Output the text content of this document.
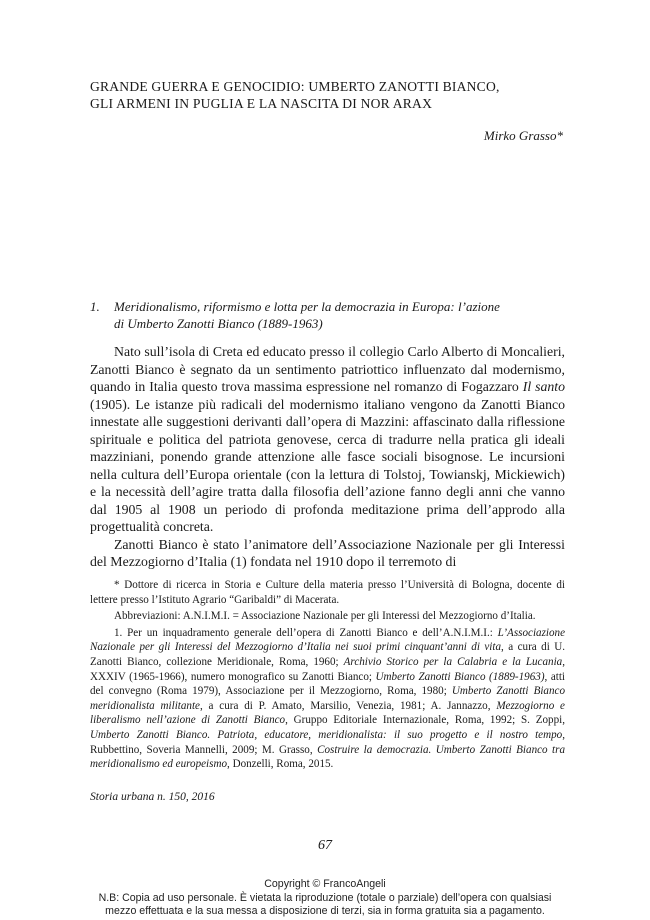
GRANDE GUERRA E GENOCIDIO: UMBERTO ZANOTTI BIANCO,
GLI ARMENI IN PUGLIA E LA NASCITA DI NOR ARAX
Mirko Grasso*
1.	Meridionalismo, riformismo e lotta per la democrazia in Europa: l’azione
di Umberto Zanotti Bianco (1889-1963)

Nato sull’isola di Creta ed educato presso il collegio Carlo Alberto di Moncalieri, Zanotti Bianco è segnato da un sentimento patriottico influenzato dal modernismo, quando in Italia questo trova massima espressione nel romanzo di Fogazzaro Il santo (1905). Le istanze più radicali del modernismo italiano vengono da Zanotti Bianco innestate alle suggestioni derivanti dall’opera di Mazzini: affascinato dalla riflessione spirituale e politica del patriota genovese, cerca di tradurre nella pratica gli ideali mazziniani, ponendo grande attenzione alle fasce sociali bisognose. Le incursioni nella cultura dell’Europa orientale (con la lettura di Tolstoj, Towianskj, Mickiewich) e la necessità dell’agire tratta dalla filosofia dell’azione fanno degli anni che vanno dal 1905 al 1908 un periodo di profonda meditazione prima dell’approdo alla progettualità concreta.

Zanotti Bianco è stato l’animatore dell’Associazione Nazionale per gli Interessi del Mezzogiorno d’Italia (1) fondata nel 1910 dopo il terremoto di

* Dottore di ricerca in Storia e Culture della materia presso l’Università di Bologna, docente di lettere presso l’Istituto Agrario “Garibaldi” di Macerata.

Abbreviazioni: A.N.I.M.I. = Associazione Nazionale per gli Interessi del Mezzogiorno d’Italia.

1. Per un inquadramento generale dell’opera di Zanotti Bianco e dell’A.N.I.M.I.: L’Associazione Nazionale per gli Interessi del Mezzogiorno d’Italia nei suoi primi cinquant’anni di vita, a cura di U. Zanotti Bianco, collezione Meridionale, Roma, 1960; Archivio Storico per la Calabria e la Lucania, XXXIV (1965-1966), numero monografico su Zanotti Bianco; Umberto Zanotti Bianco (1889-1963), atti del convegno (Roma 1979), Associazione per il Mezzogiorno, Roma, 1980; Umberto Zanotti Bianco meridionalista militante, a cura di P. Amato, Marsilio, Venezia, 1981; A. Jannazzo, Mezzogiorno e liberalismo nell’azione di Zanotti Bianco, Gruppo Editoriale Internazionale, Roma, 1992; S. Zoppi, Umberto Zanotti Bianco. Patriota, educatore, meridionalista: il suo progetto e il nostro tempo, Rubbettino, Soveria Mannelli, 2009; M. Grasso, Costruire la democrazia. Umberto Zanotti Bianco tra meridionalismo ed europeismo, Donzelli, Roma, 2015.

Storia urbana n. 150, 2016
67
Copyright © FrancoAngeli
N.B: Copia ad uso personale. È vietata la riproduzione (totale o parziale) dell’opera con qualsiasi
mezzo effettuata e la sua messa a disposizione di terzi, sia in forma gratuita sia a pagamento.
